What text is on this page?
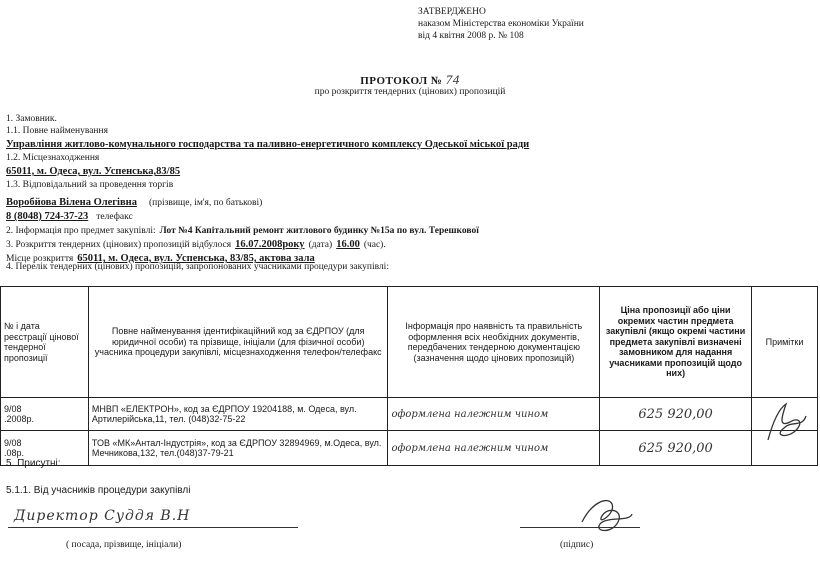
ЗАТВЕРДЖЕНО
наказом Міністерства економіки України
від 4 квітня 2008 р. № 108
ПРОТОКОЛ № 74
про розкриття тендерних (цінових) пропозицій
1. Замовник.
1.1. Повне найменування
Управління житлово-комунального господарства та паливно-енергетичного комплексу Одеської міської ради
1.2. Місцезнаходження
65011, м. Одеса, вул. Успенська,83/85
1.3. Відповідальний за проведення торгів
Воробйова Вілена Олегівна (прізвище, ім'я, по батькові)
8 (8048) 724-37-23 телефакс
2. Інформація про предмет закупівлі: Лот №4 Капітальний ремонт житлового будинку №15а по вул. Терешкової
3. Розкриття тендерних (цінових) пропозицій відбулося 16.07.2008року (дата) 16.00 (час).
Місце розкриття 65011, м. Одеса, вул. Успенська, 83/85, актова зала
4. Перелік тендерних (цінових) пропозицій, запропонованих учасниками процедури закупівлі:
№ і дата реєстрації цінової тендерної пропозиції	Повне найменування ідентифікаційний код за ЄДРПОУ (для юридичної особи) та прізвище, ініціали (для фізичної особи) учасника процедури закупівлі, місцезнаходження телефон/телефакс	Інформація про наявність та правильність оформлення всіх необхідних документів, передбачених тендерною документацією (зазначення щодо цінових пропозицій)	Ціна пропозиції або ціни окремих частин предмета закупівлі (якщо окремі частини предмета закупівлі визначені замовником для надання учасниками пропозицій щодо них)	Примітки
9/08
.2008р.	МНВП «ЕЛЕКТРОН», код за ЄДРПОУ 19204188, м. Одеса, вул. Артилерійська,11, тел. (048)32-75-22	оформлена належним чином	625 920,00	
9/08
.08р.	ТОВ «МК»Антал-Індустрія», код за ЄДРПОУ 32894969, м.Одеса, вул. Мечникова,132, тел.(048)37-79-21	оформлена належним чином	625 920,00	
5. Присутні:
5.1.1. Від учасників процедури закупівлі
Директор Суддя В.Н
( посада, прізвище, ініціали)	(підпис)
